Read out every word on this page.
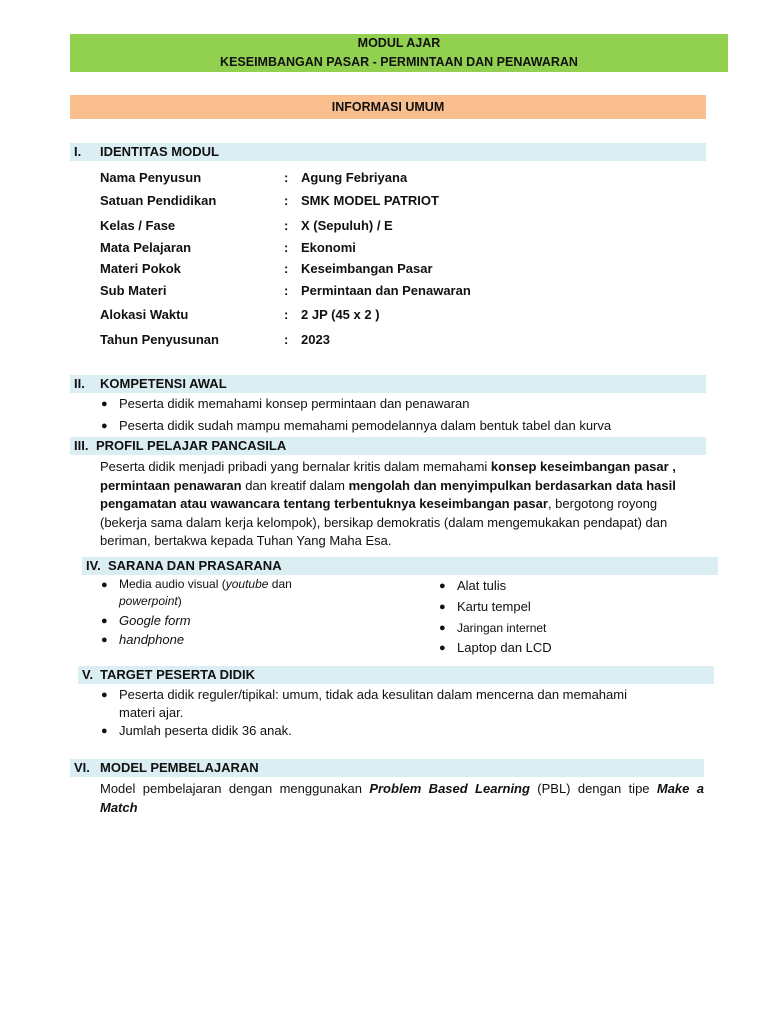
MODUL AJAR
KESEIMBANGAN PASAR - PERMINTAAN DAN PENAWARAN
INFORMASI UMUM
I. IDENTITAS MODUL
Nama Penyusun	: Agung Febriyana
Satuan Pendidikan	: SMK MODEL PATRIOT
Kelas / Fase	: X (Sepuluh) / E
Mata Pelajaran	: Ekonomi
Materi Pokok	: Keseimbangan Pasar
Sub Materi	: Permintaan dan Penawaran
Alokasi Waktu	: 2 JP (45 x 2 )
Tahun Penyusunan	: 2023
II. KOMPETENSI AWAL
● Peserta didik memahami konsep permintaan dan penawaran
● Peserta didik sudah mampu memahami pemodelannya dalam bentuk tabel dan kurva
III. PROFIL PELAJAR PANCASILA
Peserta didik menjadi pribadi yang bernalar kritis dalam memahami konsep keseimbangan pasar ,
permintaan penawaran dan kreatif dalam mengolah dan menyimpulkan berdasarkan data hasil
pengamatan atau wawancara tentang terbentuknya keseimbangan pasar, bergotong royong
(bekerja sama dalam kerja kelompok), bersikap demokratis (dalam mengemukakan pendapat) dan
beriman, bertakwa kepada Tuhan Yang Maha Esa.
IV. SARANA DAN PRASARANA
● Media audio visual (youtube dan
powerpoint)
● Google form
● handphone
● Alat tulis
● Kartu tempel
● Jaringan internet
● Laptop dan LCD
V. TARGET PESERTA DIDIK
● Peserta didik reguler/tipikal: umum, tidak ada kesulitan dalam mencerna dan memahami
materi ajar.
● Jumlah peserta didik 36 anak.
VI. MODEL PEMBELAJARAN
Model pembelajaran dengan menggunakan Problem Based Learning (PBL) dengan tipe Make a
Match
